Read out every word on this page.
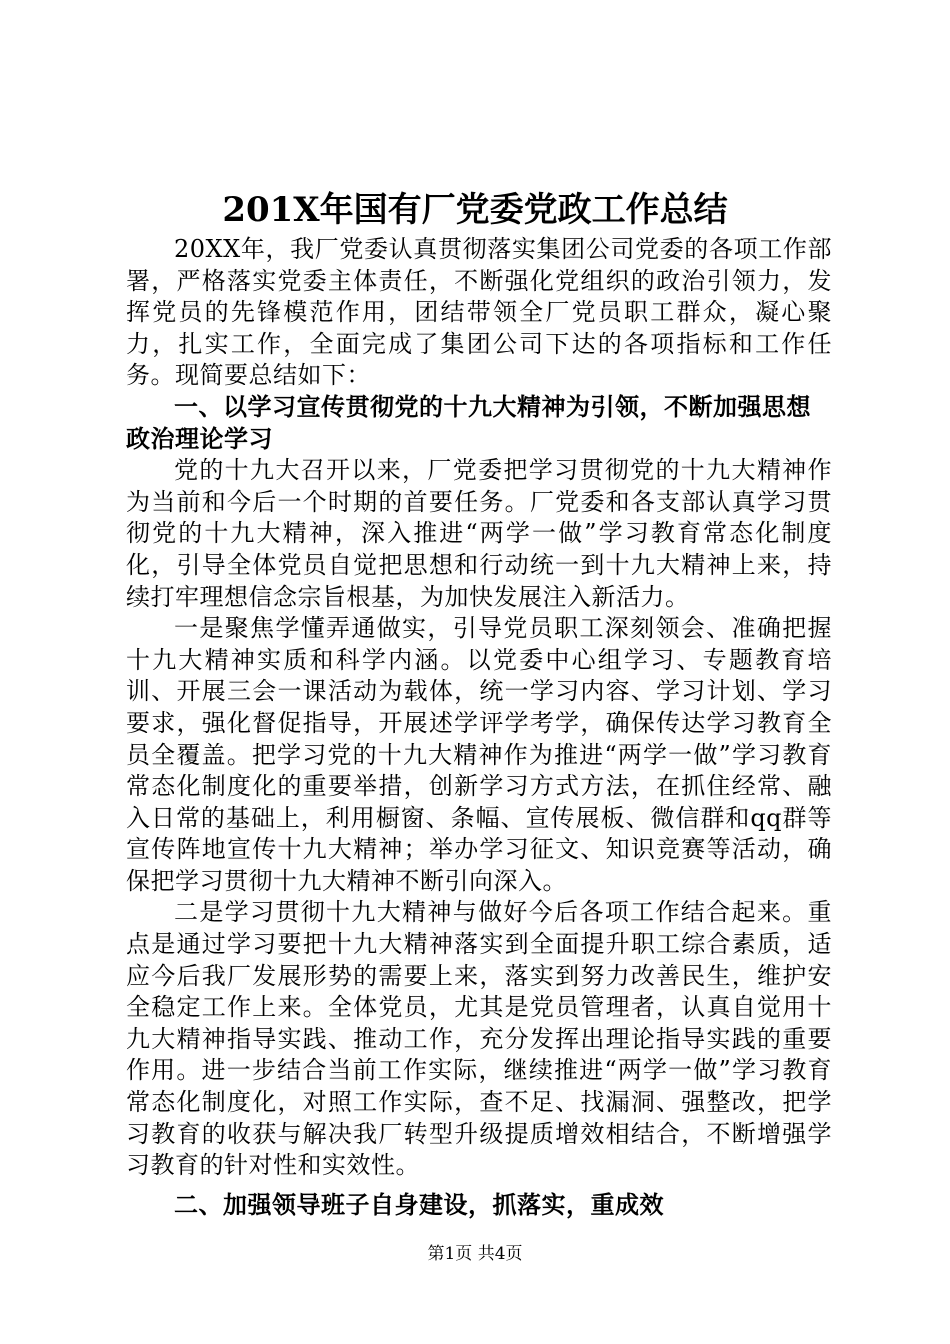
201X年国有厂党委党政工作总结

20XX年，我厂党委认真贯彻落实集团公司党委的各项工作部署，严格落实党委主体责任，不断强化党组织的政治引领力，发挥党员的先锋模范作用，团结带领全厂党员职工群众，凝心聚力，扎实工作，全面完成了集团公司下达的各项指标和工作任务。现简要总结如下：

一、以学习宣传贯彻党的十九大精神为引领，不断加强思想政治理论学习

党的十九大召开以来，厂党委把学习贯彻党的十九大精神作为当前和今后一个时期的首要任务。厂党委和各支部认真学习贯彻党的十九大精神，深入推进“两学一做”学习教育常态化制度化，引导全体党员自觉把思想和行动统一到十九大精神上来，持续打牢理想信念宗旨根基，为加快发展注入新活力。

一是聚焦学懂弄通做实，引导党员职工深刻领会、准确把握十九大精神实质和科学内涵。以党委中心组学习、专题教育培训、开展三会一课活动为载体，统一学习内容、学习计划、学习要求，强化督促指导，开展述学评学考学，确保传达学习教育全员全覆盖。把学习党的十九大精神作为推进“两学一做”学习教育常态化制度化的重要举措，创新学习方式方法，在抓住经常、融入日常的基础上，利用橱窗、条幅、宣传展板、微信群和qq群等宣传阵地宣传十九大精神；举办学习征文、知识竞赛等活动，确保把学习贯彻十九大精神不断引向深入。

二是学习贯彻十九大精神与做好今后各项工作结合起来。重点是通过学习要把十九大精神落实到全面提升职工综合素质，适应今后我厂发展形势的需要上来，落实到努力改善民生，维护安全稳定工作上来。全体党员，尤其是党员管理者，认真自觉用十九大精神指导实践、推动工作，充分发挥出理论指导实践的重要作用。进一步结合当前工作实际，继续推进“两学一做”学习教育常态化制度化，对照工作实际，查不足、找漏洞、强整改，把学习教育的收获与解决我厂转型升级提质增效相结合，不断增强学习教育的针对性和实效性。

二、加强领导班子自身建设，抓落实，重成效

第1页 共4页
